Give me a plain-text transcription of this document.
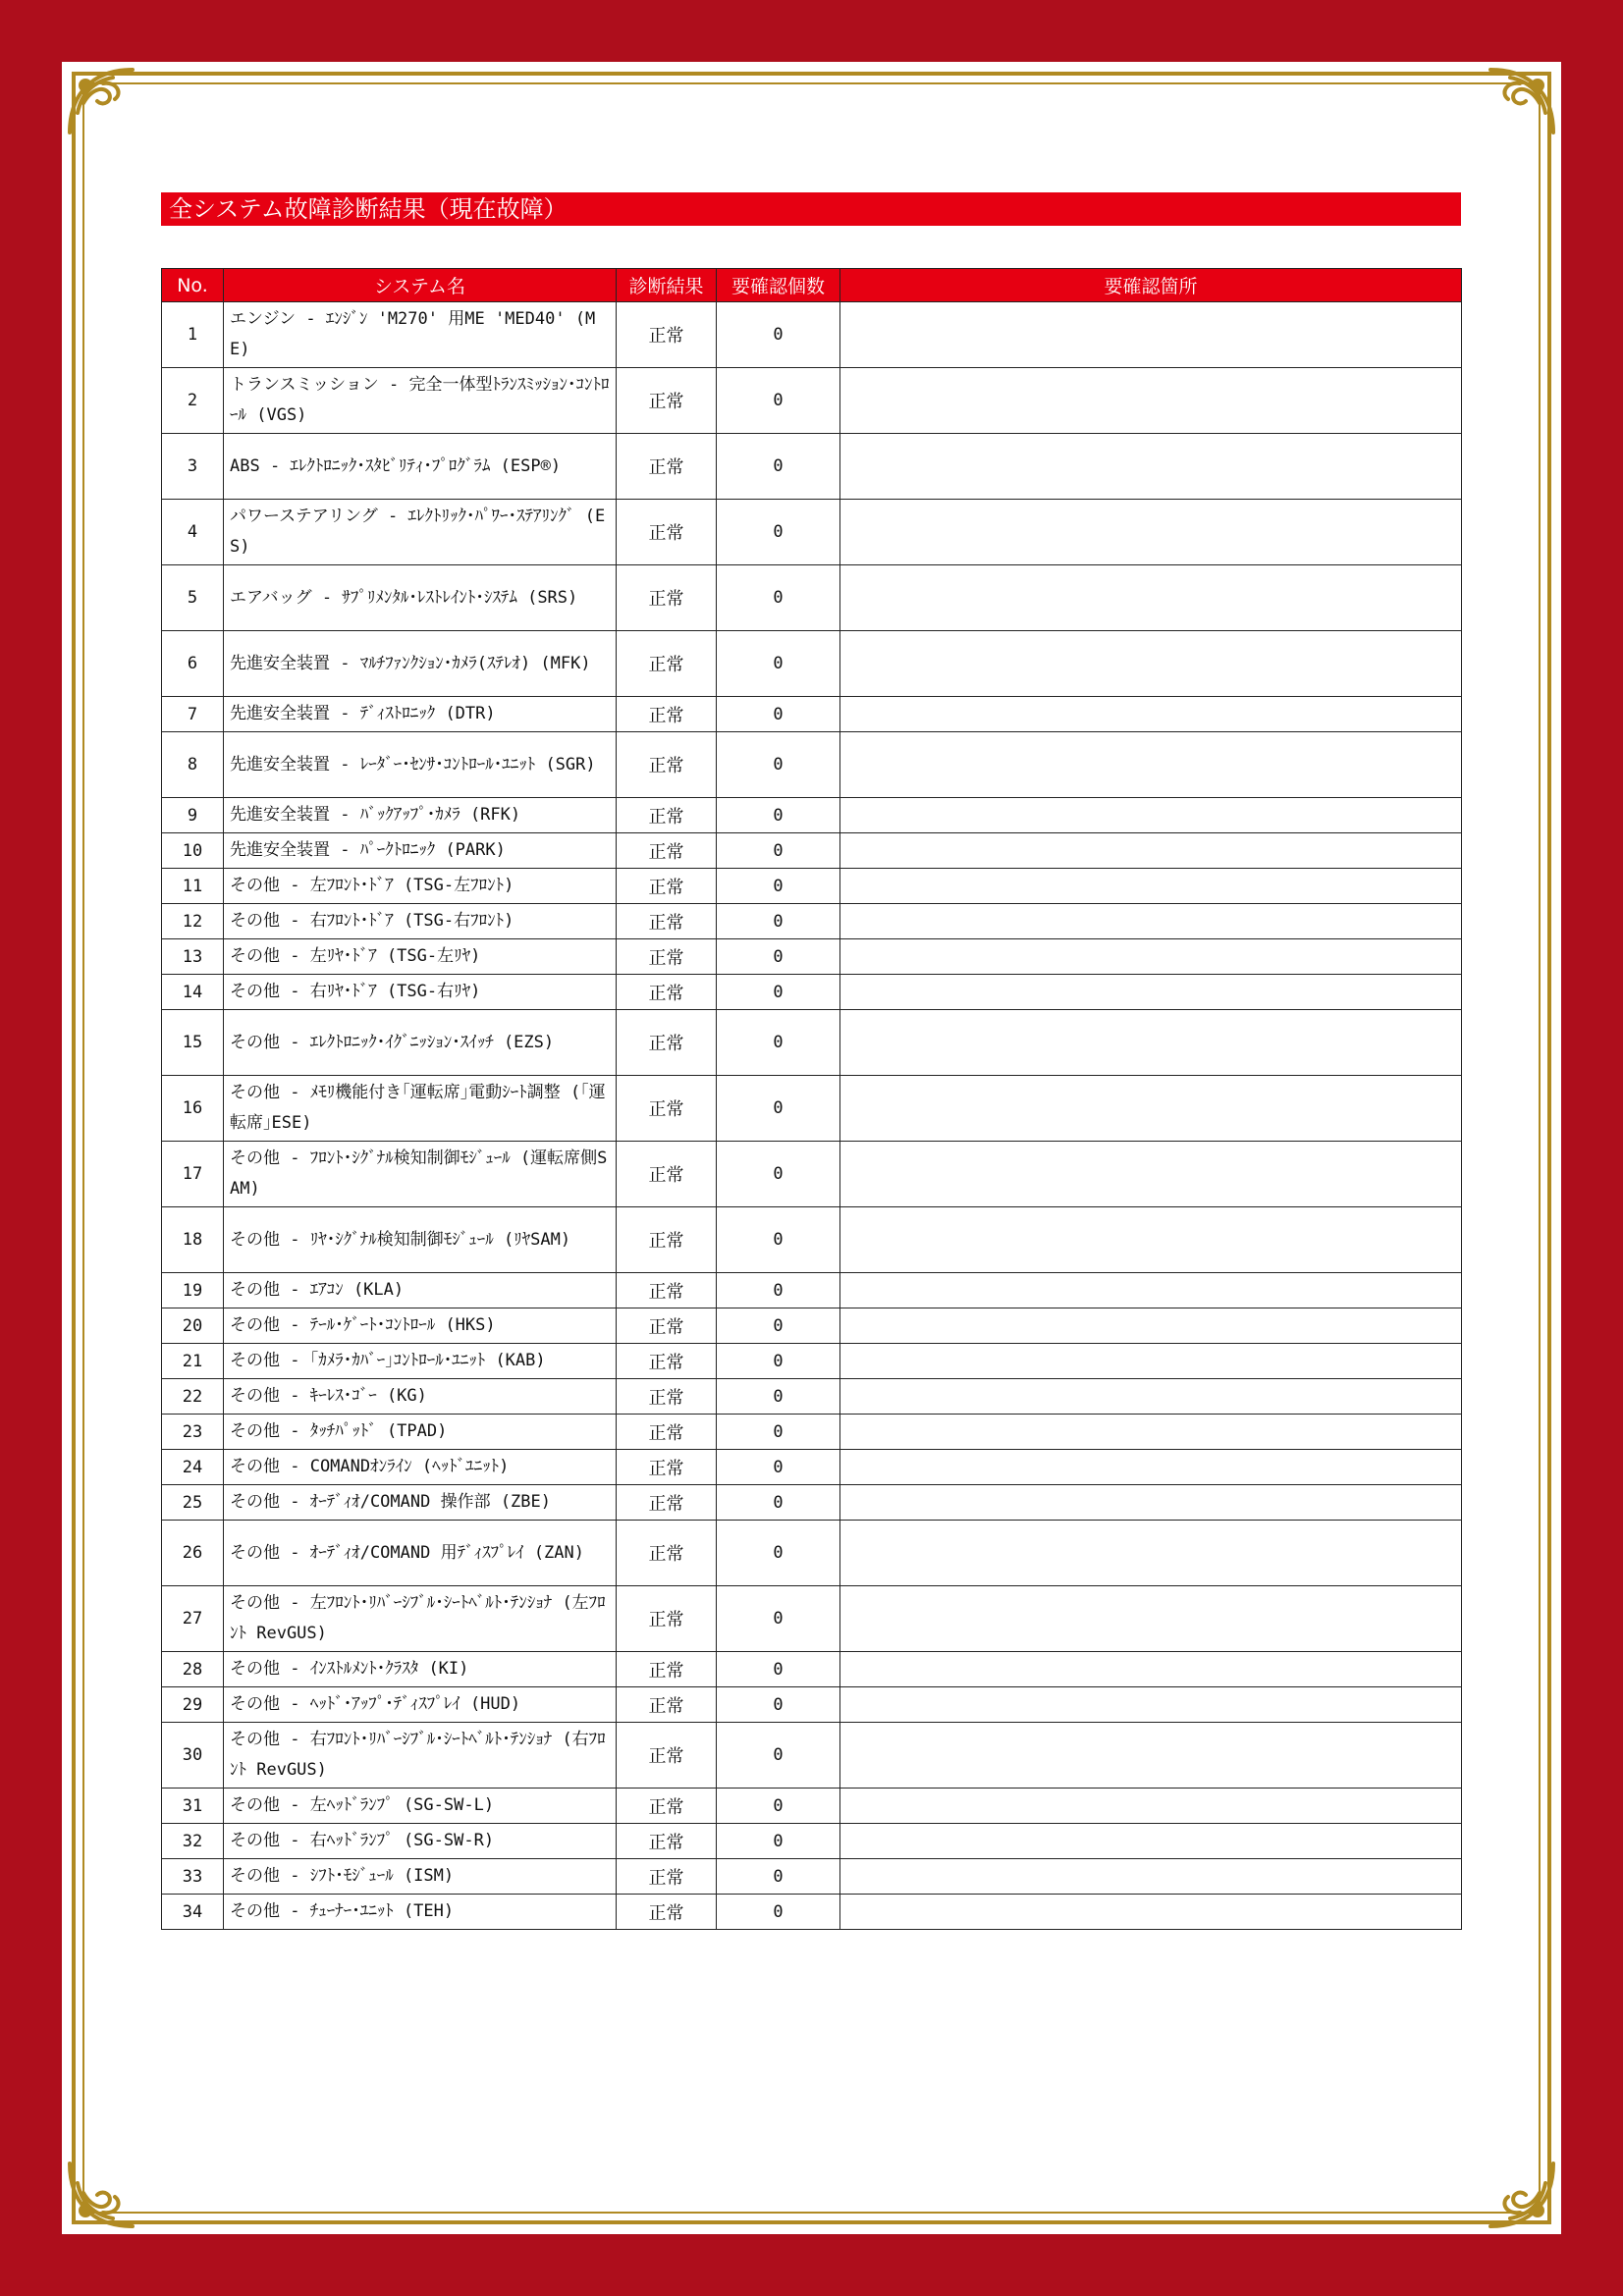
全システム故障診断結果（現在故障）
No.	システム名	診断結果	要確認個数	要確認箇所
1	エンジン - ｴﾝｼﾞﾝ 'M270' 用ME 'MED40' (ME)	正常	0	
2	トランスミッション - 完全一体型ﾄﾗﾝｽﾐｯｼｮﾝ･ｺﾝﾄﾛｰﾙ (VGS)	正常	0	
3	ABS - ｴﾚｸﾄﾛﾆｯｸ･ｽﾀﾋﾞﾘﾃｨ･ﾌﾟﾛｸﾞﾗﾑ (ESP®)	正常	0	
4	パワーステアリング - ｴﾚｸﾄﾘｯｸ･ﾊﾟﾜｰ･ｽﾃｱﾘﾝｸﾞ (ES)	正常	0	
5	エアバッグ - ｻﾌﾟﾘﾒﾝﾀﾙ･ﾚｽﾄﾚｲﾝﾄ･ｼｽﾃﾑ (SRS)	正常	0	
6	先進安全装置 - ﾏﾙﾁﾌｧﾝｸｼｮﾝ･ｶﾒﾗ(ｽﾃﾚｵ) (MFK)	正常	0	
7	先進安全装置 - ﾃﾞｨｽﾄﾛﾆｯｸ (DTR)	正常	0	
8	先進安全装置 - ﾚｰﾀﾞｰ･ｾﾝｻ･ｺﾝﾄﾛｰﾙ･ﾕﾆｯﾄ (SGR)	正常	0	
9	先進安全装置 - ﾊﾞｯｸｱｯﾌﾟ･ｶﾒﾗ (RFK)	正常	0	
10	先進安全装置 - ﾊﾟｰｸﾄﾛﾆｯｸ (PARK)	正常	0	
11	その他 - 左ﾌﾛﾝﾄ･ﾄﾞｱ (TSG-左ﾌﾛﾝﾄ)	正常	0	
12	その他 - 右ﾌﾛﾝﾄ･ﾄﾞｱ (TSG-右ﾌﾛﾝﾄ)	正常	0	
13	その他 - 左ﾘﾔ･ﾄﾞｱ (TSG-左ﾘﾔ)	正常	0	
14	その他 - 右ﾘﾔ･ﾄﾞｱ (TSG-右ﾘﾔ)	正常	0	
15	その他 - ｴﾚｸﾄﾛﾆｯｸ･ｲｸﾞﾆｯｼｮﾝ･ｽｲｯﾁ (EZS)	正常	0	
16	その他 - ﾒﾓﾘ機能付き｢運転席｣電動ｼｰﾄ調整 (｢運転席｣ESE)	正常	0	
17	その他 - ﾌﾛﾝﾄ･ｼｸﾞﾅﾙ検知制御ﾓｼﾞｭｰﾙ (運転席側SAM)	正常	0	
18	その他 - ﾘﾔ･ｼｸﾞﾅﾙ検知制御ﾓｼﾞｭｰﾙ (ﾘﾔSAM)	正常	0	
19	その他 - ｴｱｺﾝ (KLA)	正常	0	
20	その他 - ﾃｰﾙ･ｹﾞｰﾄ･ｺﾝﾄﾛｰﾙ (HKS)	正常	0	
21	その他 - ｢ｶﾒﾗ･ｶﾊﾞｰ｣ｺﾝﾄﾛｰﾙ･ﾕﾆｯﾄ (KAB)	正常	0	
22	その他 - ｷｰﾚｽ･ｺﾞｰ (KG)	正常	0	
23	その他 - ﾀｯﾁﾊﾟｯﾄﾞ (TPAD)	正常	0	
24	その他 - COMANDｵﾝﾗｲﾝ (ﾍｯﾄﾞﾕﾆｯﾄ)	正常	0	
25	その他 - ｵｰﾃﾞｨｵ/COMAND 操作部 (ZBE)	正常	0	
26	その他 - ｵｰﾃﾞｨｵ/COMAND 用ﾃﾞｨｽﾌﾟﾚｲ (ZAN)	正常	0	
27	その他 - 左ﾌﾛﾝﾄ･ﾘﾊﾞｰｼﾌﾞﾙ･ｼｰﾄﾍﾞﾙﾄ･ﾃﾝｼｮﾅ (左ﾌﾛﾝﾄ RevGUS)	正常	0	
28	その他 - ｲﾝｽﾄﾙﾒﾝﾄ･ｸﾗｽﾀ (KI)	正常	0	
29	その他 - ﾍｯﾄﾞ･ｱｯﾌﾟ･ﾃﾞｨｽﾌﾟﾚｲ (HUD)	正常	0	
30	その他 - 右ﾌﾛﾝﾄ･ﾘﾊﾞｰｼﾌﾞﾙ･ｼｰﾄﾍﾞﾙﾄ･ﾃﾝｼｮﾅ (右ﾌﾛﾝﾄ RevGUS)	正常	0	
31	その他 - 左ﾍｯﾄﾞﾗﾝﾌﾟ (SG-SW-L)	正常	0	
32	その他 - 右ﾍｯﾄﾞﾗﾝﾌﾟ (SG-SW-R)	正常	0	
33	その他 - ｼﾌﾄ･ﾓｼﾞｭｰﾙ (ISM)	正常	0	
34	その他 - ﾁｭｰﾅｰ･ﾕﾆｯﾄ (TEH)	正常	0	
